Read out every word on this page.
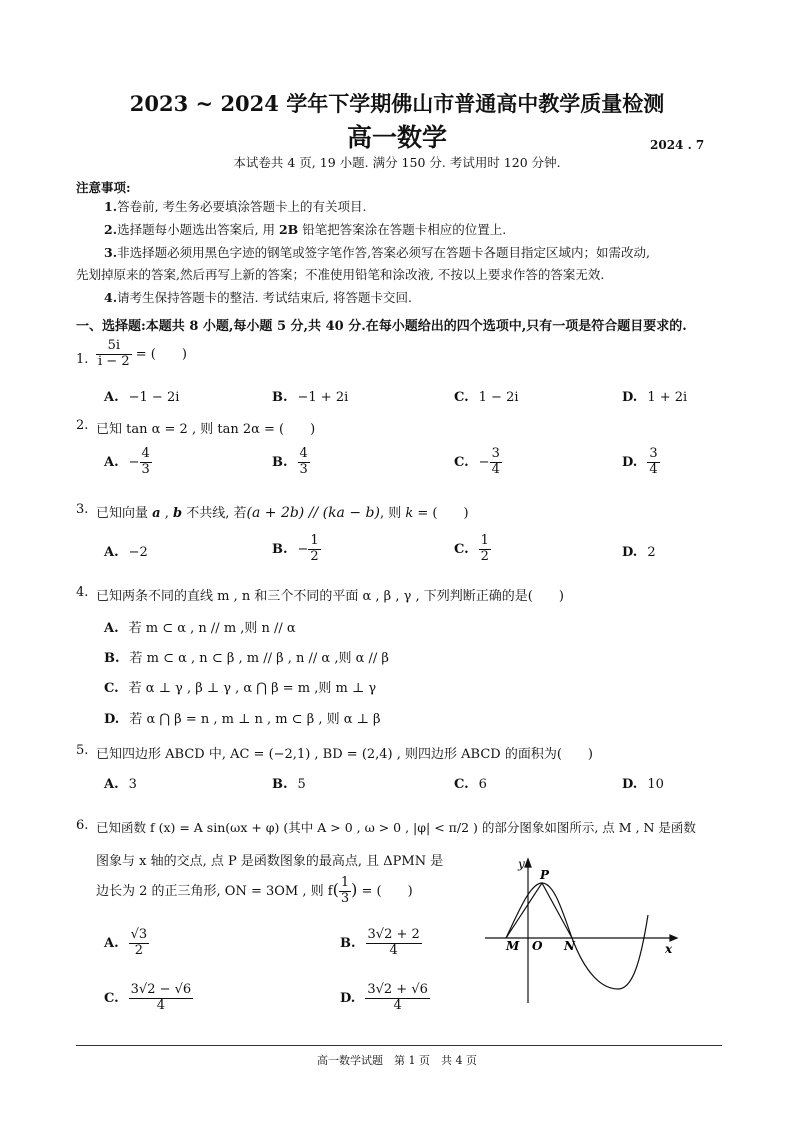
2023 ~ 2024 学年下学期佛山市普通高中教学质量检测
高一数学	2024 . 7
本试卷共 4 页, 19 小题. 满分 150 分. 考试用时 120 分钟.
注意事项:
1.答卷前, 考生务必要填涂答题卡上的有关项目.
2.选择题每小题选出答案后, 用 2B 铅笔把答案涂在答题卡相应的位置上.
3.非选择题必须用黑色字迹的钢笔或签字笔作答,答案必须写在答题卡各题目指定区域内；如需改动,
先划掉原来的答案,然后再写上新的答案；不准使用铅笔和涂改液, 不按以上要求作答的答案无效.
4.请考生保持答题卡的整洁. 考试结束后, 将答题卡交回.
一、选择题:本题共 8 小题,每小题 5 分,共 40 分.在每小题给出的四个选项中,只有一项是符合题目要求的.
1. $\frac{5i}{i - 2}$ = (　　)
A. −1 − 2i	B. −1 + 2i	C. 1 − 2i	D. 1 + 2i
2. 已知 tan α = 2 , 则 tan 2α = (　　)
A. − $\frac{4}{3}$	B. $\frac{4}{3}$	C. − $\frac{3}{4}$	D. $\frac{3}{4}$
3. 已知向量 a , b 不共线, 若(a + 2b) // (ka − b), 则 k = (　　)
A. −2	B. − $\frac{1}{2}$	C. $\frac{1}{2}$	D. 2
4. 已知两条不同的直线 m , n 和三个不同的平面 α , β , γ , 下列判断正确的是(　　)
A. 若 m ⊂ α , n // m ,则 n // α
B. 若 m ⊂ α , n ⊂ β , m // β , n // α ,则 α // β
C. 若 α ⊥ γ , β ⊥ γ , α ⋂ β = m ,则 m ⊥ γ
D. 若 α ⋂ β = n , m ⊥ n , m ⊂ β , 则 α ⊥ β
5. 已知四边形 ABCD 中, AC = (−2,1) , BD = (2,4) , 则四边形 ABCD 的面积为(　　)
A. 3	B. 5	C. 6	D. 10
6. 已知函数 f (x) = A sin(ωx + φ) (其中 A > 0 , ω > 0 , |φ| < π/2 ) 的部分图象如图所示, 点 M , N 是函数
图象与 x 轴的交点, 点 P 是函数图象的最高点, 且 ΔPMN 是
边长为 2 的正三角形, ON = 3OM , 则 $f( \frac{1}{3}$ ) = (　　)
A. $\frac{√3}{2}$	B. $\frac{3√2 + 2}{4}$
C. $\frac{3√2 - √6}{4}$	D. $\frac{3√2 + √6}{4}$
y
P
M O N	x
高一数学试题　第 1 页　共 4 页
